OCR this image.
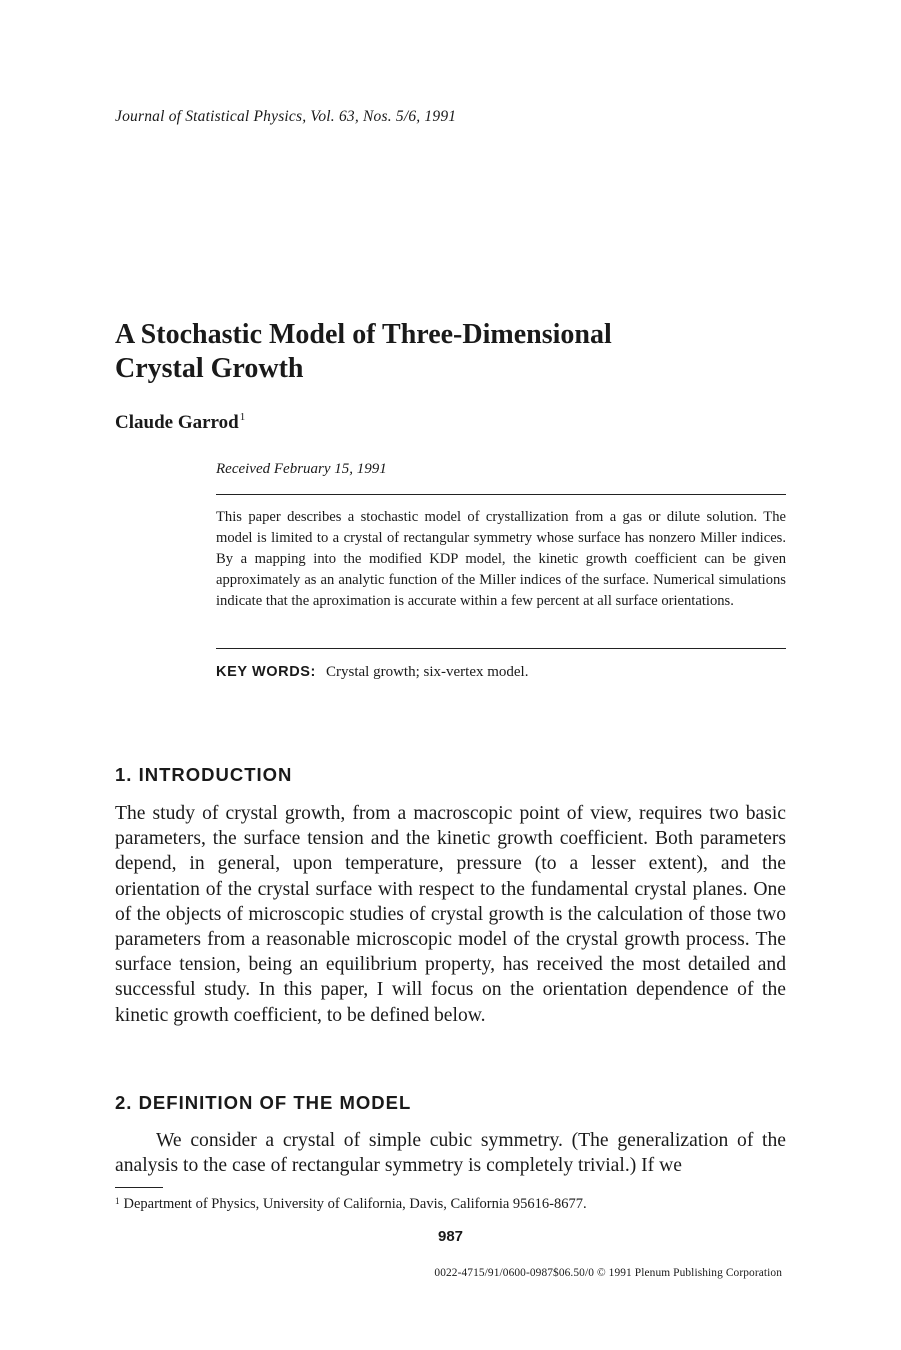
Journal of Statistical Physics, Vol. 63, Nos. 5/6, 1991
A Stochastic Model of Three-Dimensional
Crystal Growth
Claude Garrod$^1$
Received February 15, 1991
This paper describes a stochastic model of crystallization from a gas or dilute solution. The model is limited to a crystal of rectangular symmetry whose surface has nonzero Miller indices. By a mapping into the modified KDP model, the kinetic growth coefficient can be given approximately as an analytic function of the Miller indices of the surface. Numerical simulations indicate that the aproximation is accurate within a few percent at all surface orientations.
KEY WORDS: Crystal growth; six-vertex model.
1. INTRODUCTION
The study of crystal growth, from a macroscopic point of view, requires two basic parameters, the surface tension and the kinetic growth coefficient. Both parameters depend, in general, upon temperature, pressure (to a lesser extent), and the orientation of the crystal surface with respect to the fundamental crystal planes. One of the objects of microscopic studies of crystal growth is the calculation of those two parameters from a reasonable microscopic model of the crystal growth process. The surface tension, being an equilibrium property, has received the most detailed and successful study. In this paper, I will focus on the orientation dependence of the kinetic growth coefficient, to be defined below.
2. DEFINITION OF THE MODEL
We consider a crystal of simple cubic symmetry. (The generalization of the analysis to the case of rectangular symmetry is completely trivial.) If we
$^1$ Department of Physics, University of California, Davis, California 95616-8677.
987
0022-4715/91/0600-0987$06.50/0 © 1991 Plenum Publishing Corporation
